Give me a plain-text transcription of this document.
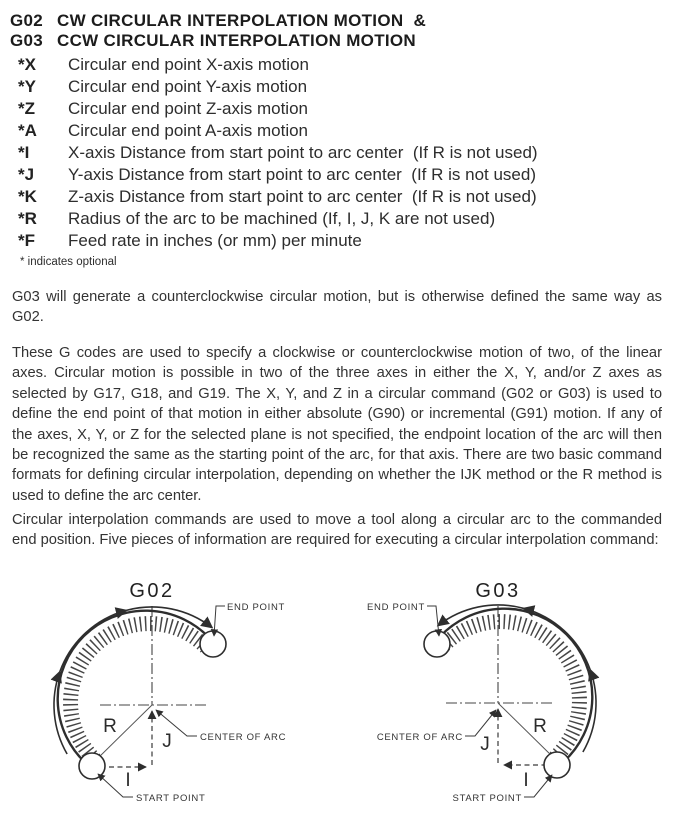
G02 CW CIRCULAR INTERPOLATION MOTION  &
G03 CCW CIRCULAR INTERPOLATION MOTION
*X	Circular end point X-axis motion
*Y	Circular end point Y-axis motion
*Z	Circular end point Z-axis motion
*A	Circular end point A-axis motion
*I	X-axis Distance from start point to arc center  (If R is not used)
*J	Y-axis Distance from start point to arc center  (If R is not used)
*K	Z-axis Distance from start point to arc center  (If R is not used)
*R	Radius of the arc to be machined (If, I, J, K are not used)
*F	Feed rate in inches (or mm) per minute
* indicates optional

G03 will generate a counterclockwise circular motion, but is otherwise defined the same way as G02.

These G codes are used to specify a clockwise or counterclockwise motion of two, of the linear axes. Circular motion is possible in two of the three axes in either the X, Y, and/or Z axes as selected by G17, G18, and G19. The X, Y, and Z in a circular command (G02 or G03) is used to define the end point of that motion in either absolute (G90) or incremental (G91) motion. If any of the axes, X, Y, or Z for the selected plane is not specified, the endpoint location of the arc will then be recognized the same as the starting point of the arc, for that axis. There are two basic command formats for defining circular interpolation, depending on whether the IJK method or the R method is used to define the arc center.

Circular interpolation commands are used to move a tool along a circular arc to the commanded end position. Five pieces of information are required for executing a circular interpolation command:

G02
END POINT
CENTER OF ARC
START POINT
R
J
I
G03
END POINT
CENTER OF ARC
START POINT
R
J
I
